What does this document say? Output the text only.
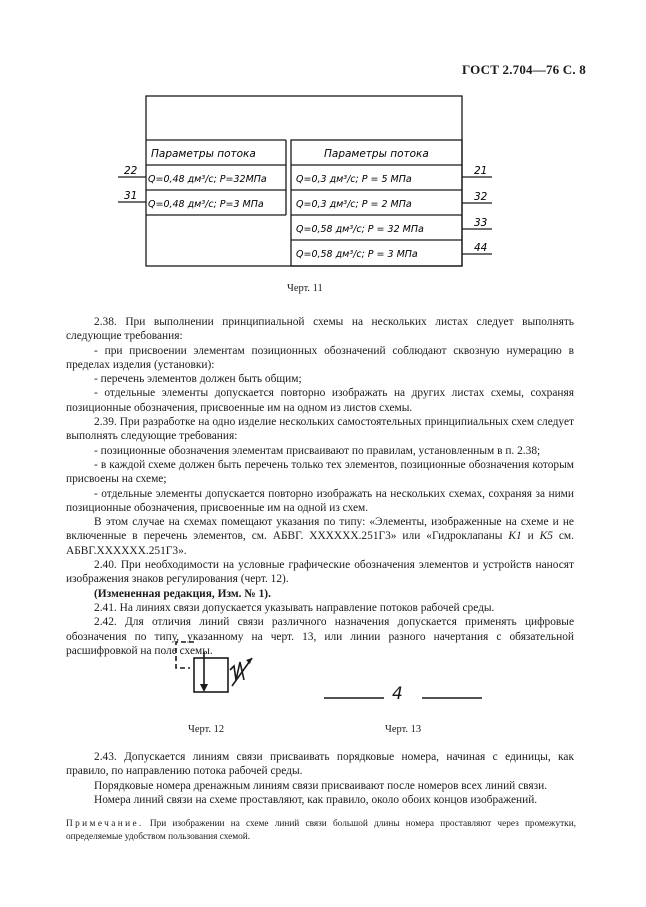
ГОСТ 2.704—76 С. 8
22
31
21
32
33
44
Параметры потока
Q=0,48 дм³/с; P=32МПа
Q=0,48 дм³/с; P=3 МПа
Параметры потока
Q=0,3 дм³/с; P = 5 МПа
Q=0,3 дм³/с; P = 2 МПа
Q=0,58 дм³/с; P = 32 МПа
Q=0,58 дм³/с; P = 3 МПа
Черт. 11

2.38. При выполнении принципиальной схемы на нескольких листах следует выполнять следующие требования:

- при присвоении элементам позиционных обозначений соблюдают сквозную нумерацию в пределах изделия (установки):

- перечень элементов должен быть общим;

- отдельные элементы допускается повторно изображать на других листах схемы, сохраняя позиционные обозначения, присвоенные им на одном из листов схемы.

2.39. При разработке на одно изделие нескольких самостоятельных принципиальных схем следует выполнять следующие требования:

- позиционные обозначения элементам присваивают по правилам, установленным в п. 2.38;

- в каждой схеме должен быть перечень только тех элементов, позиционные обозначения которым присвоены на схеме;

- отдельные элементы допускается повторно изображать на нескольких схемах, сохраняя за ними позиционные обозначения, присвоенные им на одной из схем.

В этом случае на схемах помещают указания по типу: «Элементы, изображенные на схеме и не включенные в перечень элементов, см. АБВГ. XXXXXX.251Г3» или «Гидроклапаны K1 и K5 см. АБВГ.XXXXXX.251Г3».

2.40. При необходимости на условные графические обозначения элементов и устройств наносят изображения знаков регулирования (черт. 12).

(Измененная редакция, Изм. № 1).

2.41. На линиях связи допускается указывать направление потоков рабочей среды.

2.42. Для отличия линий связи различного назначения допускается применять цифровые обозначения по типу, указанному на черт. 13, или линии разного начертания с обязательной расшифровкой на поле схемы.

Черт. 12
4
Черт. 13

2.43. Допускается линиям связи присваивать порядковые номера, начиная с единицы, как правило, по направлению потока рабочей среды.

Порядковые номера дренажным линиям связи присваивают после номеров всех линий связи.

Номера линий связи на схеме проставляют, как правило, около обоих концов изображений.

Примечание. При изображении на схеме линий связи большой длины номера проставляют через промежутки, определяемые удобством пользования схемой.
